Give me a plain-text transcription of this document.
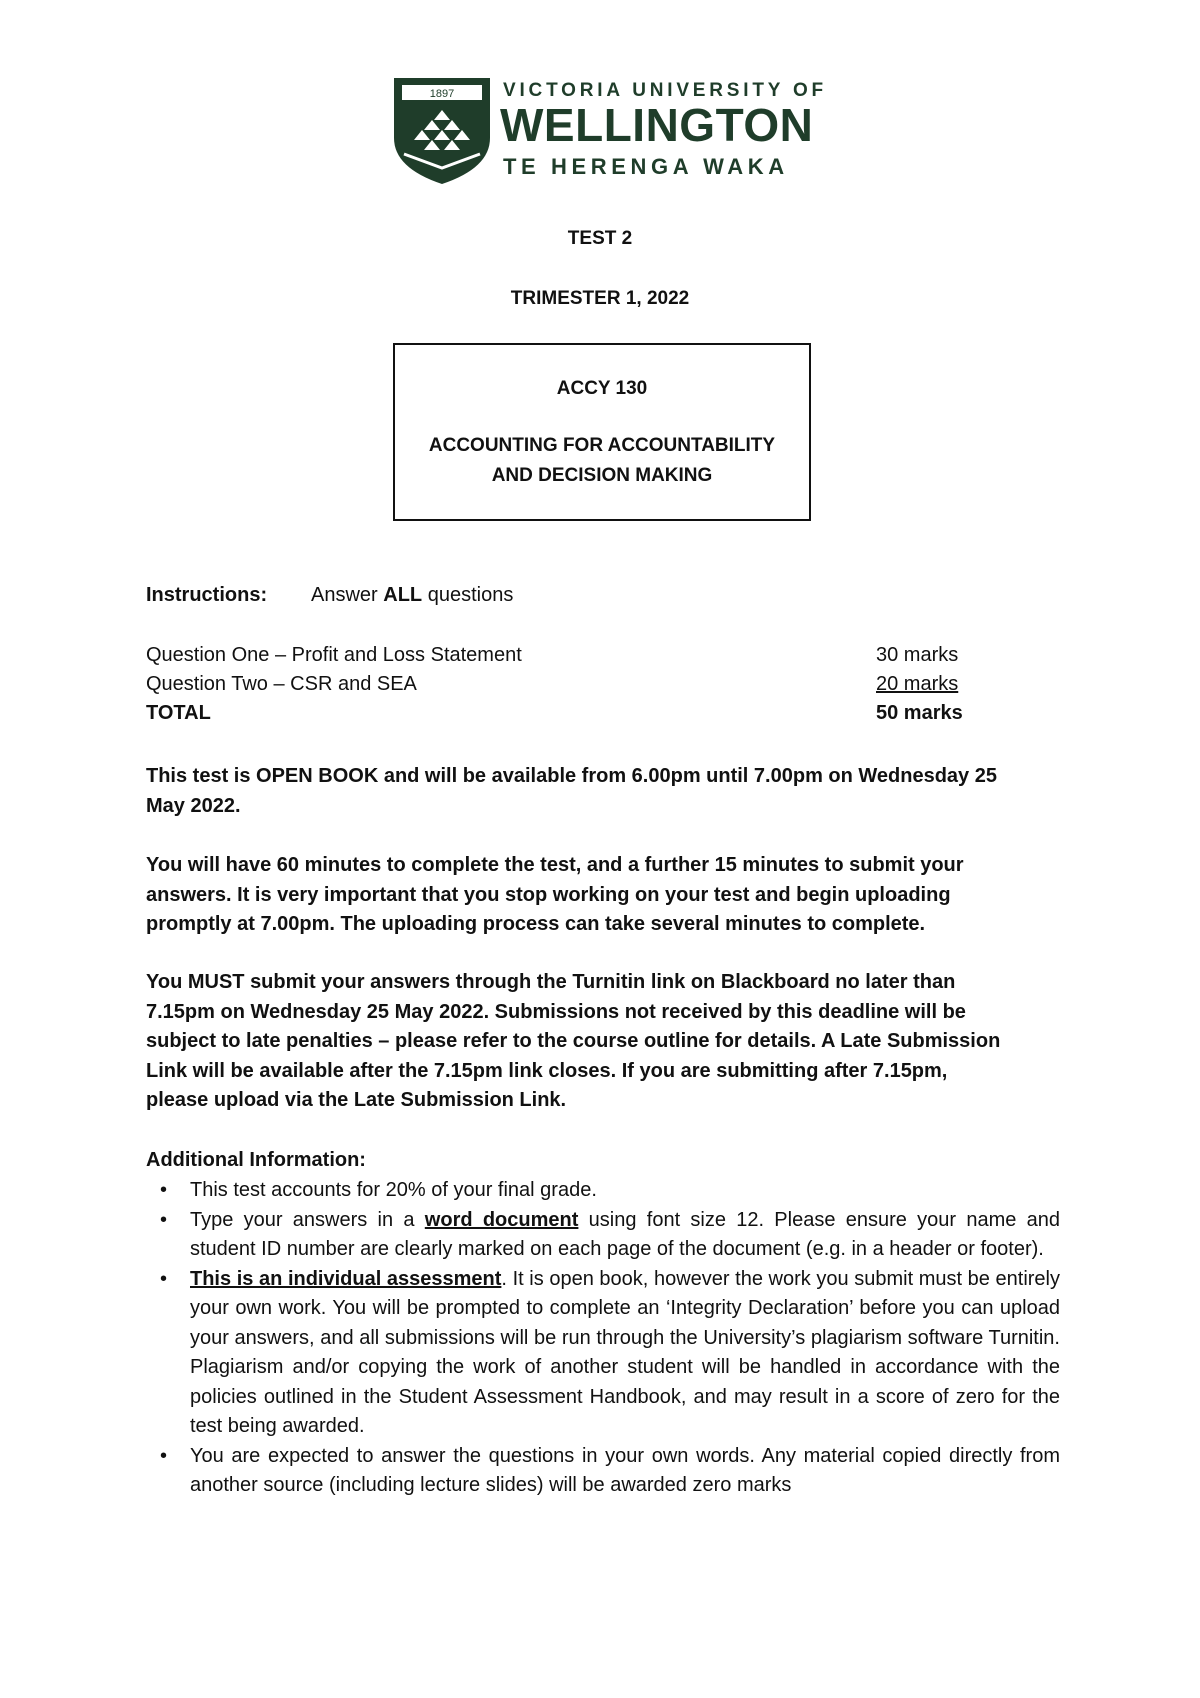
1897	VICTORIA UNIVERSITY OF
WELLINGTON
TE HERENGA WAKA
TEST 2
TRIMESTER 1, 2022
ACCY 130
ACCOUNTING FOR ACCOUNTABILITY
AND DECISION MAKING
Instructions: Answer ALL questions
Question One – Profit and Loss Statement	30 marks
Question Two – CSR and SEA	20 marks
TOTAL	50 marks
This test is OPEN BOOK and will be available from 6.00pm until 7.00pm on Wednesday 25
May 2022.
You will have 60 minutes to complete the test, and a further 15 minutes to submit your
answers. It is very important that you stop working on your test and begin uploading
promptly at 7.00pm. The uploading process can take several minutes to complete.
You MUST submit your answers through the Turnitin link on Blackboard no later than
7.15pm on Wednesday 25 May 2022. Submissions not received by this deadline will be
subject to late penalties – please refer to the course outline for details. A Late Submission
Link will be available after the 7.15pm link closes. If you are submitting after 7.15pm,
please upload via the Late Submission Link.
Additional Information:
• This test accounts for 20% of your final grade.
• Type your answers in a word document using font size 12. Please ensure your name and student ID number are clearly marked on each page of the document (e.g. in a header or footer).
• This is an individual assessment. It is open book, however the work you submit must be entirely your own work. You will be prompted to complete an ‘Integrity Declaration’ before you can upload your answers, and all submissions will be run through the University’s plagiarism software Turnitin. Plagiarism and/or copying the work of another student will be handled in accordance with the policies outlined in the Student Assessment Handbook, and may result in a score of zero for the test being awarded.
• You are expected to answer the questions in your own words. Any material copied directly from another source (including lecture slides) will be awarded zero marks
